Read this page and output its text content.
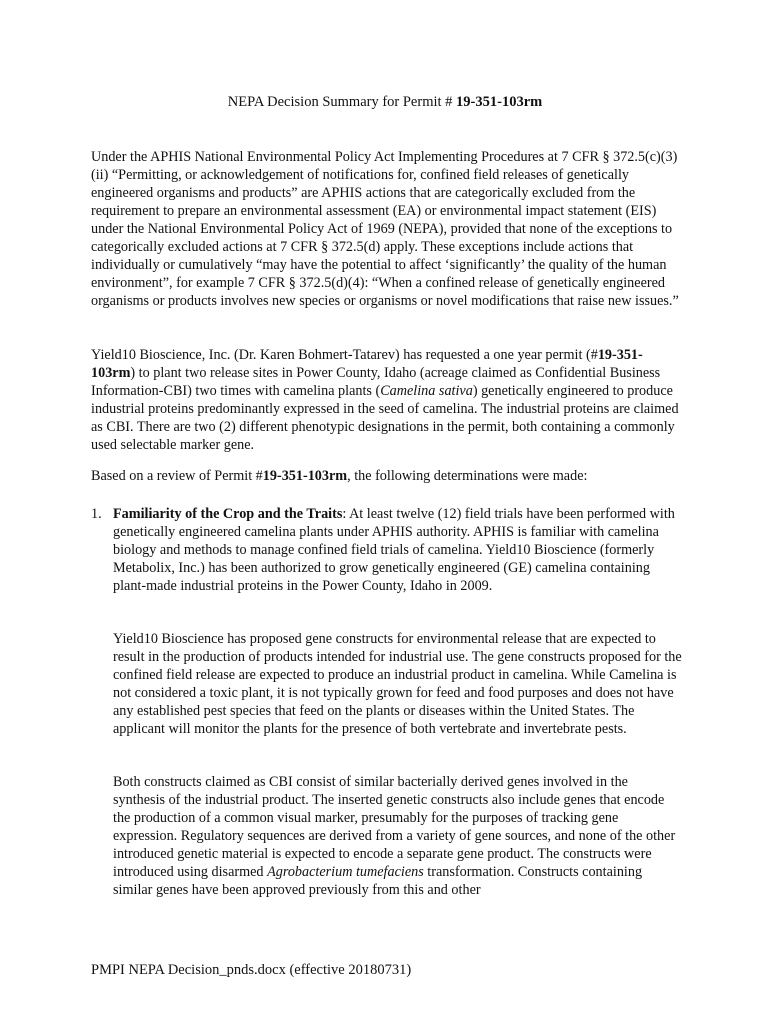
NEPA Decision Summary for Permit # 19-351-103rm

Under the APHIS National Environmental Policy Act Implementing Procedures at 7 CFR § 372.5(c)(3)(ii) “Permitting, or acknowledgement of notifications for, confined field releases of genetically engineered organisms and products” are APHIS actions that are categorically excluded from the requirement to prepare an environmental assessment (EA) or environmental impact statement (EIS) under the National Environmental Policy Act of 1969 (NEPA), provided that none of the exceptions to categorically excluded actions at 7 CFR § 372.5(d) apply. These exceptions include actions that individually or cumulatively “may have the potential to affect ‘significantly’ the quality of the human environment”, for example 7 CFR § 372.5(d)(4): “When a confined release of genetically engineered organisms or products involves new species or organisms or novel modifications that raise new issues.”

Yield10 Bioscience, Inc. (Dr. Karen Bohmert-Tatarev) has requested a one year permit (#19-351-103rm) to plant two release sites in Power County, Idaho (acreage claimed as Confidential Business Information-CBI) two times with camelina plants (Camelina sativa) genetically engineered to produce industrial proteins predominantly expressed in the seed of camelina. The industrial proteins are claimed as CBI. There are two (2) different phenotypic designations in the permit, both containing a commonly used selectable marker gene.

Based on a review of Permit #19-351-103rm, the following determinations were made:

1. Familiarity of the Crop and the Traits: At least twelve (12) field trials have been performed with genetically engineered camelina plants under APHIS authority. APHIS is familiar with camelina biology and methods to manage confined field trials of camelina. Yield10 Bioscience (formerly Metabolix, Inc.) has been authorized to grow genetically engineered (GE) camelina containing plant-made industrial proteins in the Power County, Idaho in 2009.

Yield10 Bioscience has proposed gene constructs for environmental release that are expected to result in the production of products intended for industrial use. The gene constructs proposed for the confined field release are expected to produce an industrial product in camelina. While Camelina is not considered a toxic plant, it is not typically grown for feed and food purposes and does not have any established pest species that feed on the plants or diseases within the United States. The applicant will monitor the plants for the presence of both vertebrate and invertebrate pests.

Both constructs claimed as CBI consist of similar bacterially derived genes involved in the synthesis of the industrial product. The inserted genetic constructs also include genes that encode the production of a common visual marker, presumably for the purposes of tracking gene expression. Regulatory sequences are derived from a variety of gene sources, and none of the other introduced genetic material is expected to encode a separate gene product. The constructs were introduced using disarmed Agrobacterium tumefaciens transformation. Constructs containing similar genes have been approved previously from this and other

PMPI NEPA Decision_pnds.docx (effective 20180731)
